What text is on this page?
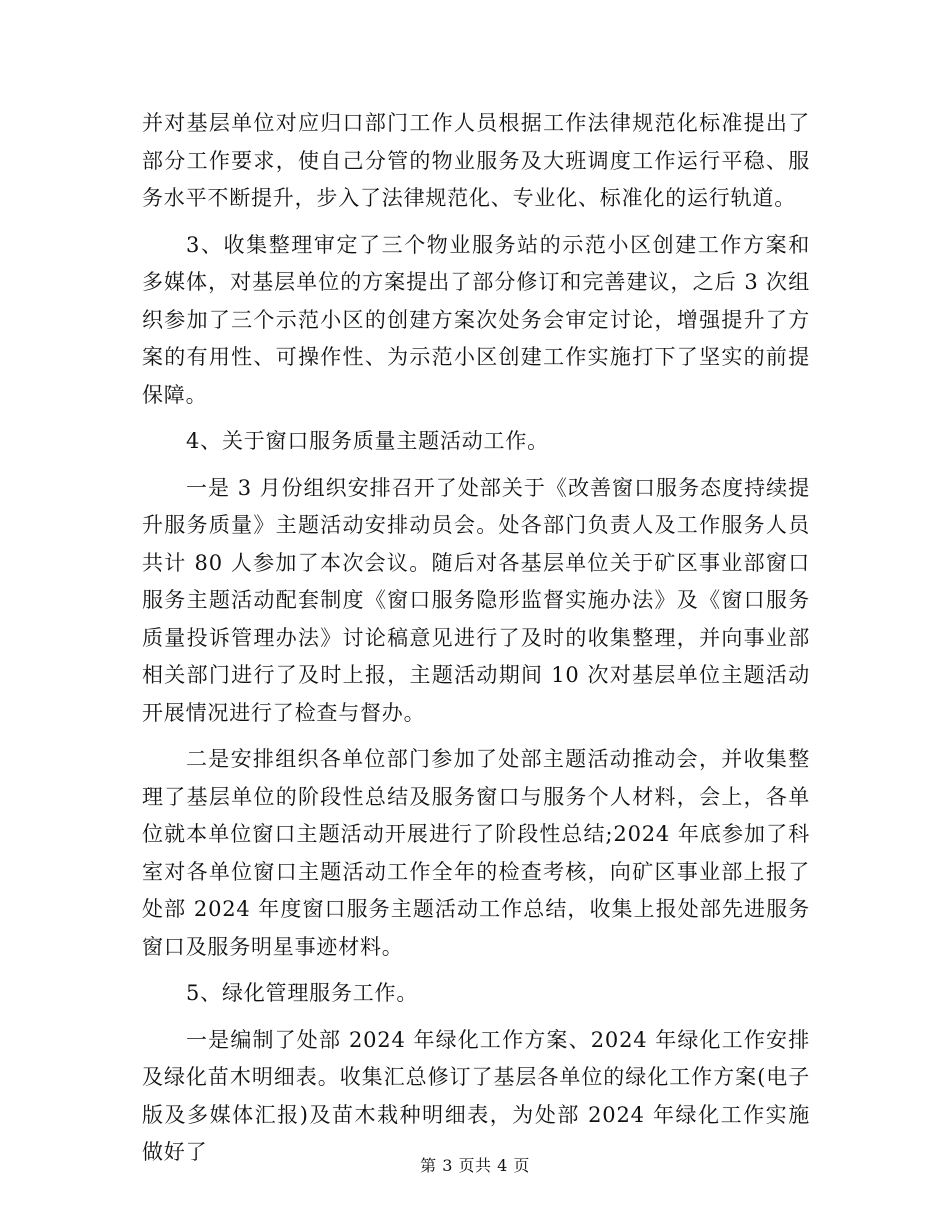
并对基层单位对应归口部门工作人员根据工作法律规范化标准提出了部分工作要求，使自己分管的物业服务及大班调度工作运行平稳、服务水平不断提升，步入了法律规范化、专业化、标准化的运行轨道。

3、收集整理审定了三个物业服务站的示范小区创建工作方案和多媒体，对基层单位的方案提出了部分修订和完善建议，之后 3 次组织参加了三个示范小区的创建方案次处务会审定讨论，增强提升了方案的有用性、可操作性、为示范小区创建工作实施打下了坚实的前提保障。

4、关于窗口服务质量主题活动工作。

一是 3 月份组织安排召开了处部关于《改善窗口服务态度持续提升服务质量》主题活动安排动员会。处各部门负责人及工作服务人员共计 80 人参加了本次会议。随后对各基层单位关于矿区事业部窗口服务主题活动配套制度《窗口服务隐形监督实施办法》及《窗口服务质量投诉管理办法》讨论稿意见进行了及时的收集整理，并向事业部相关部门进行了及时上报，主题活动期间 10 次对基层单位主题活动开展情况进行了检查与督办。

二是安排组织各单位部门参加了处部主题活动推动会，并收集整理了基层单位的阶段性总结及服务窗口与服务个人材料，会上，各单位就本单位窗口主题活动开展进行了阶段性总结;2024 年底参加了科室对各单位窗口主题活动工作全年的检查考核，向矿区事业部上报了处部 2024 年度窗口服务主题活动工作总结，收集上报处部先进服务窗口及服务明星事迹材料。

5、绿化管理服务工作。

一是编制了处部 2024 年绿化工作方案、2024 年绿化工作安排及绿化苗木明细表。收集汇总修订了基层各单位的绿化工作方案(电子版及多媒体汇报)及苗木栽种明细表，为处部 2024 年绿化工作实施做好了

第 3 页共 4 页
